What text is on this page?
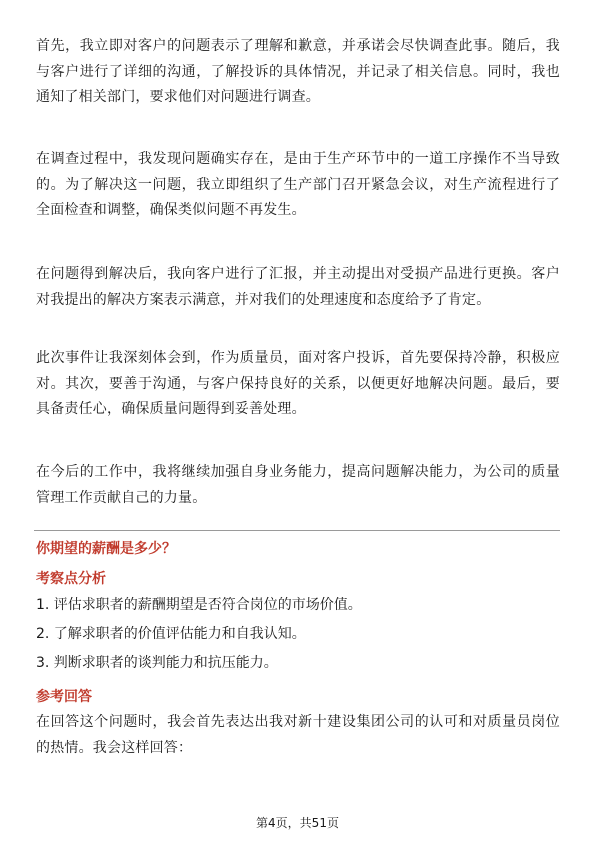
首先，我立即对客户的问题表示了理解和歉意，并承诺会尽快调查此事。随后，我与客户进行了详细的沟通，了解投诉的具体情况，并记录了相关信息。同时，我也通知了相关部门，要求他们对问题进行调查。

在调查过程中，我发现问题确实存在，是由于生产环节中的一道工序操作不当导致的。为了解决这一问题，我立即组织了生产部门召开紧急会议，对生产流程进行了全面检查和调整，确保类似问题不再发生。

在问题得到解决后，我向客户进行了汇报，并主动提出对受损产品进行更换。客户对我提出的解决方案表示满意，并对我们的处理速度和态度给予了肯定。

此次事件让我深刻体会到，作为质量员，面对客户投诉，首先要保持冷静，积极应对。其次，要善于沟通，与客户保持良好的关系，以便更好地解决问题。最后，要具备责任心，确保质量问题得到妥善处理。

在今后的工作中，我将继续加强自身业务能力，提高问题解决能力，为公司的质量管理工作贡献自己的力量。

你期望的薪酬是多少？

考察点分析

1. 评估求职者的薪酬期望是否符合岗位的市场价值。

2. 了解求职者的价值评估能力和自我认知。

3. 判断求职者的谈判能力和抗压能力。

参考回答

在回答这个问题时，我会首先表达出我对新十建设集团公司的认可和对质量员岗位的热情。我会这样回答：

第4页，共51页
